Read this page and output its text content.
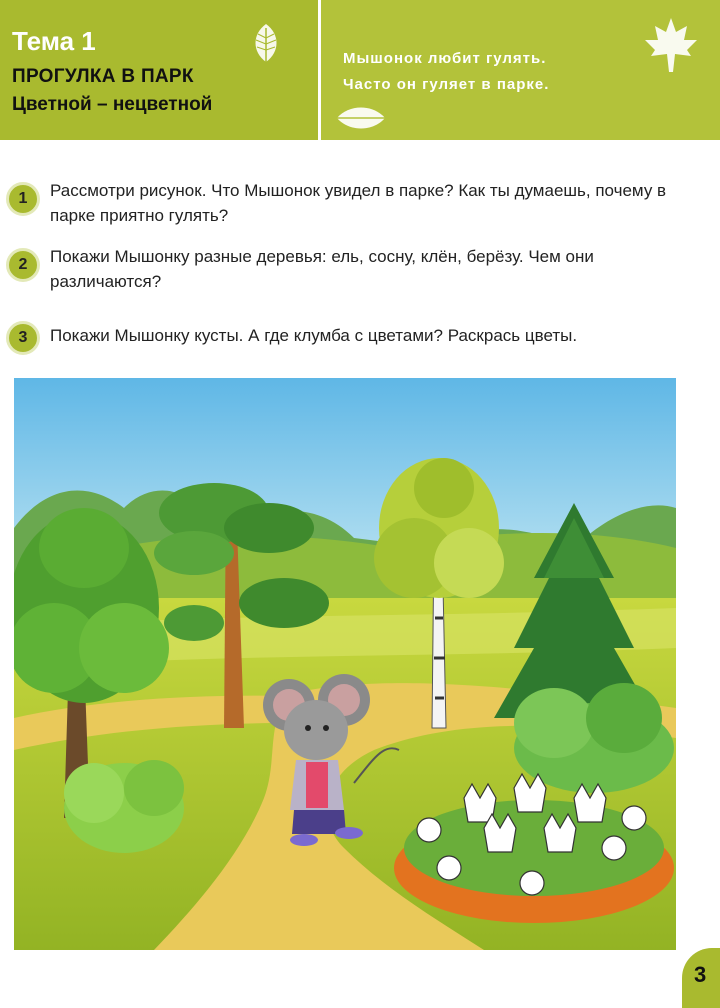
Тема 1
ПРОГУЛКА В ПАРК
Цветной – нецветной
Мышонок любит гулять.
Часто он гуляет в парке.
1	Рассмотри рисунок. Что Мышонок увидел в парке? Как ты думаешь, почему в парке приятно гулять?
2	Покажи Мышонку разные деревья: ель, сосну, клён, берёзу. Чем они различаются?
3	Покажи Мышонку кусты. А где клумба с цветами? Раскрась цветы.
3
